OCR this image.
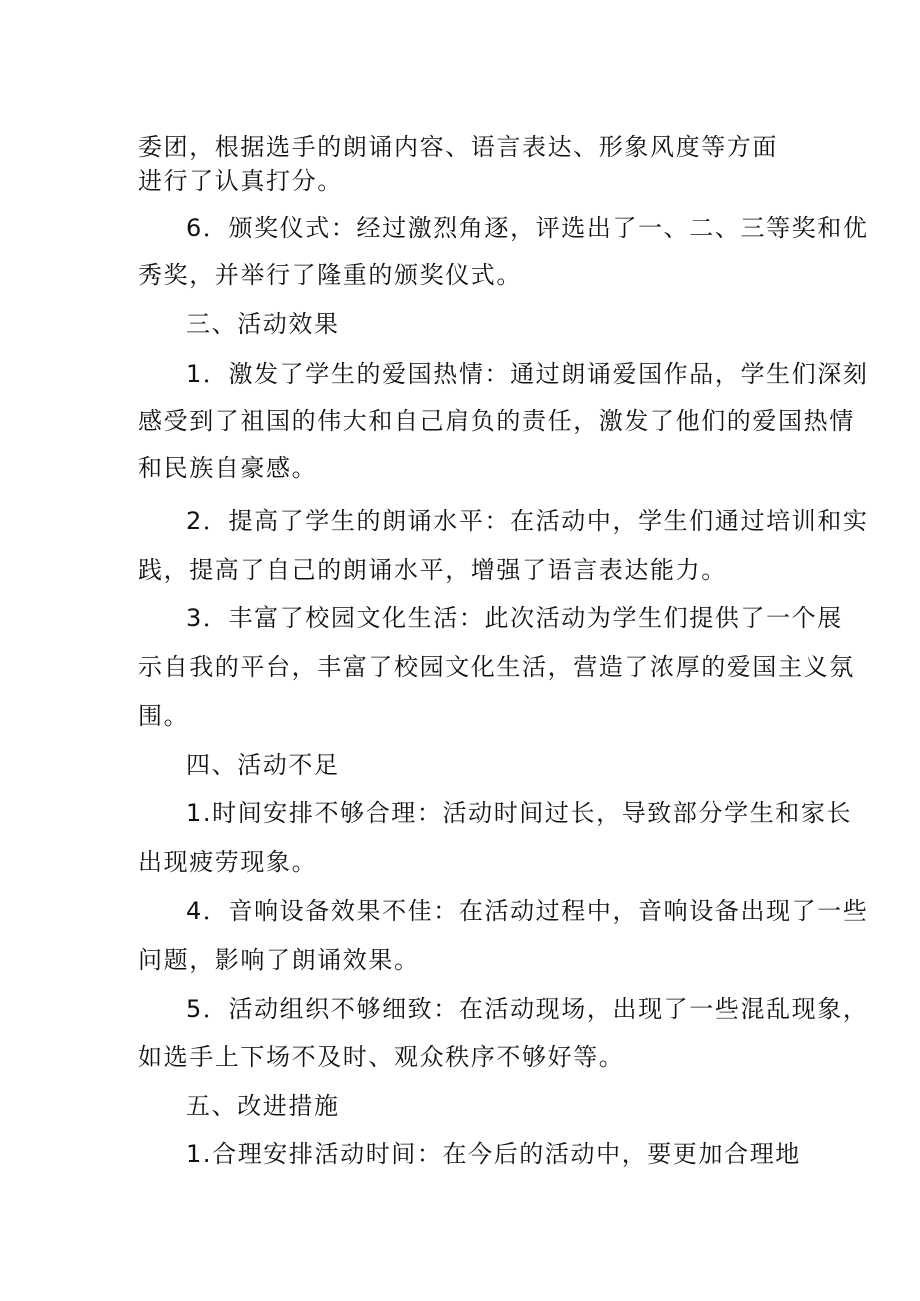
委团，根据选手的朗诵内容、语言表达、形象风度等方面
进行了认真打分。
6．颁奖仪式：经过激烈角逐，评选出了一、二、三等奖和优
秀奖，并举行了隆重的颁奖仪式。
三、活动效果
1．激发了学生的爱国热情：通过朗诵爱国作品，学生们深刻
感受到了祖国的伟大和自己肩负的责任，激发了他们的爱国热情
和民族自豪感。
2．提高了学生的朗诵水平：在活动中，学生们通过培训和实
践，提高了自己的朗诵水平，增强了语言表达能力。
3．丰富了校园文化生活：此次活动为学生们提供了一个展
示自我的平台，丰富了校园文化生活，营造了浓厚的爱国主义氛
围。
四、活动不足
1.时间安排不够合理：活动时间过长，导致部分学生和家长
出现疲劳现象。
4．音响设备效果不佳：在活动过程中，音响设备出现了一些
问题，影响了朗诵效果。
5．活动组织不够细致：在活动现场，出现了一些混乱现象，
如选手上下场不及时、观众秩序不够好等。
五、改进措施
1.合理安排活动时间：在今后的活动中，要更加合理地
